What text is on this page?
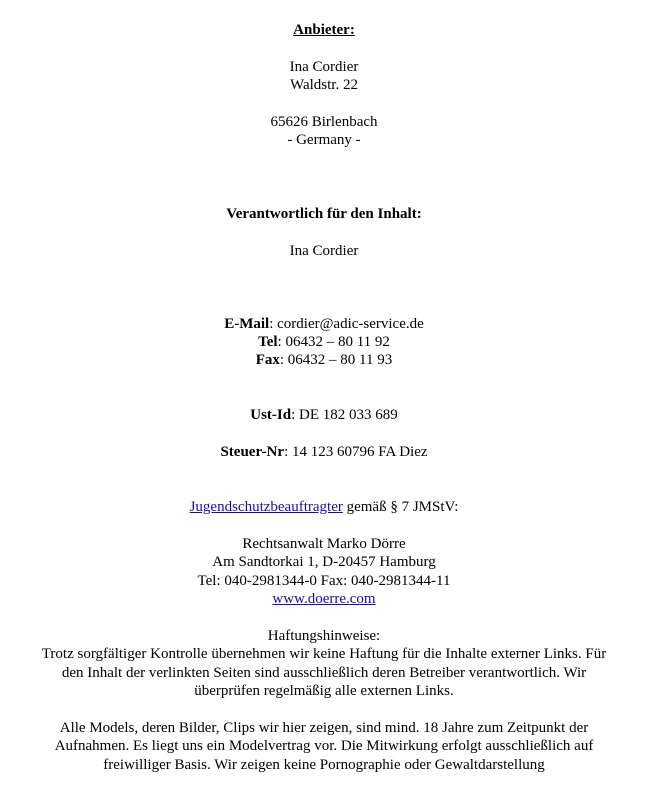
Anbieter:
Ina Cordier
Waldstr. 22
65626 Birlenbach
- Germany -
Verantwortlich für den Inhalt:
Ina Cordier
E-Mail: cordier@adic-service.de
Tel: 06432 – 80 11 92
Fax: 06432 – 80 11 93
Ust-Id: DE 182 033 689
Steuer-Nr: 14 123 60796 FA Diez
Jugendschutzbeauftragter gemäß § 7 JMStV:
Rechtsanwalt Marko Dörre
Am Sandtorkai 1, D-20457 Hamburg
Tel: 040-2981344-0 Fax: 040-2981344-11
www.doerre.com
Haftungshinweise:
Trotz sorgfältiger Kontrolle übernehmen wir keine Haftung für die Inhalte externer Links. Für
den Inhalt der verlinkten Seiten sind ausschließlich deren Betreiber verantwortlich. Wir
überprüfen regelmäßig alle externen Links.
Alle Models, deren Bilder, Clips wir hier zeigen, sind mind. 18 Jahre zum Zeitpunkt der
Aufnahmen. Es liegt uns ein Modelvertrag vor. Die Mitwirkung erfolgt ausschließlich auf
freiwilliger Basis. Wir zeigen keine Pornographie oder Gewaltdarstellung
